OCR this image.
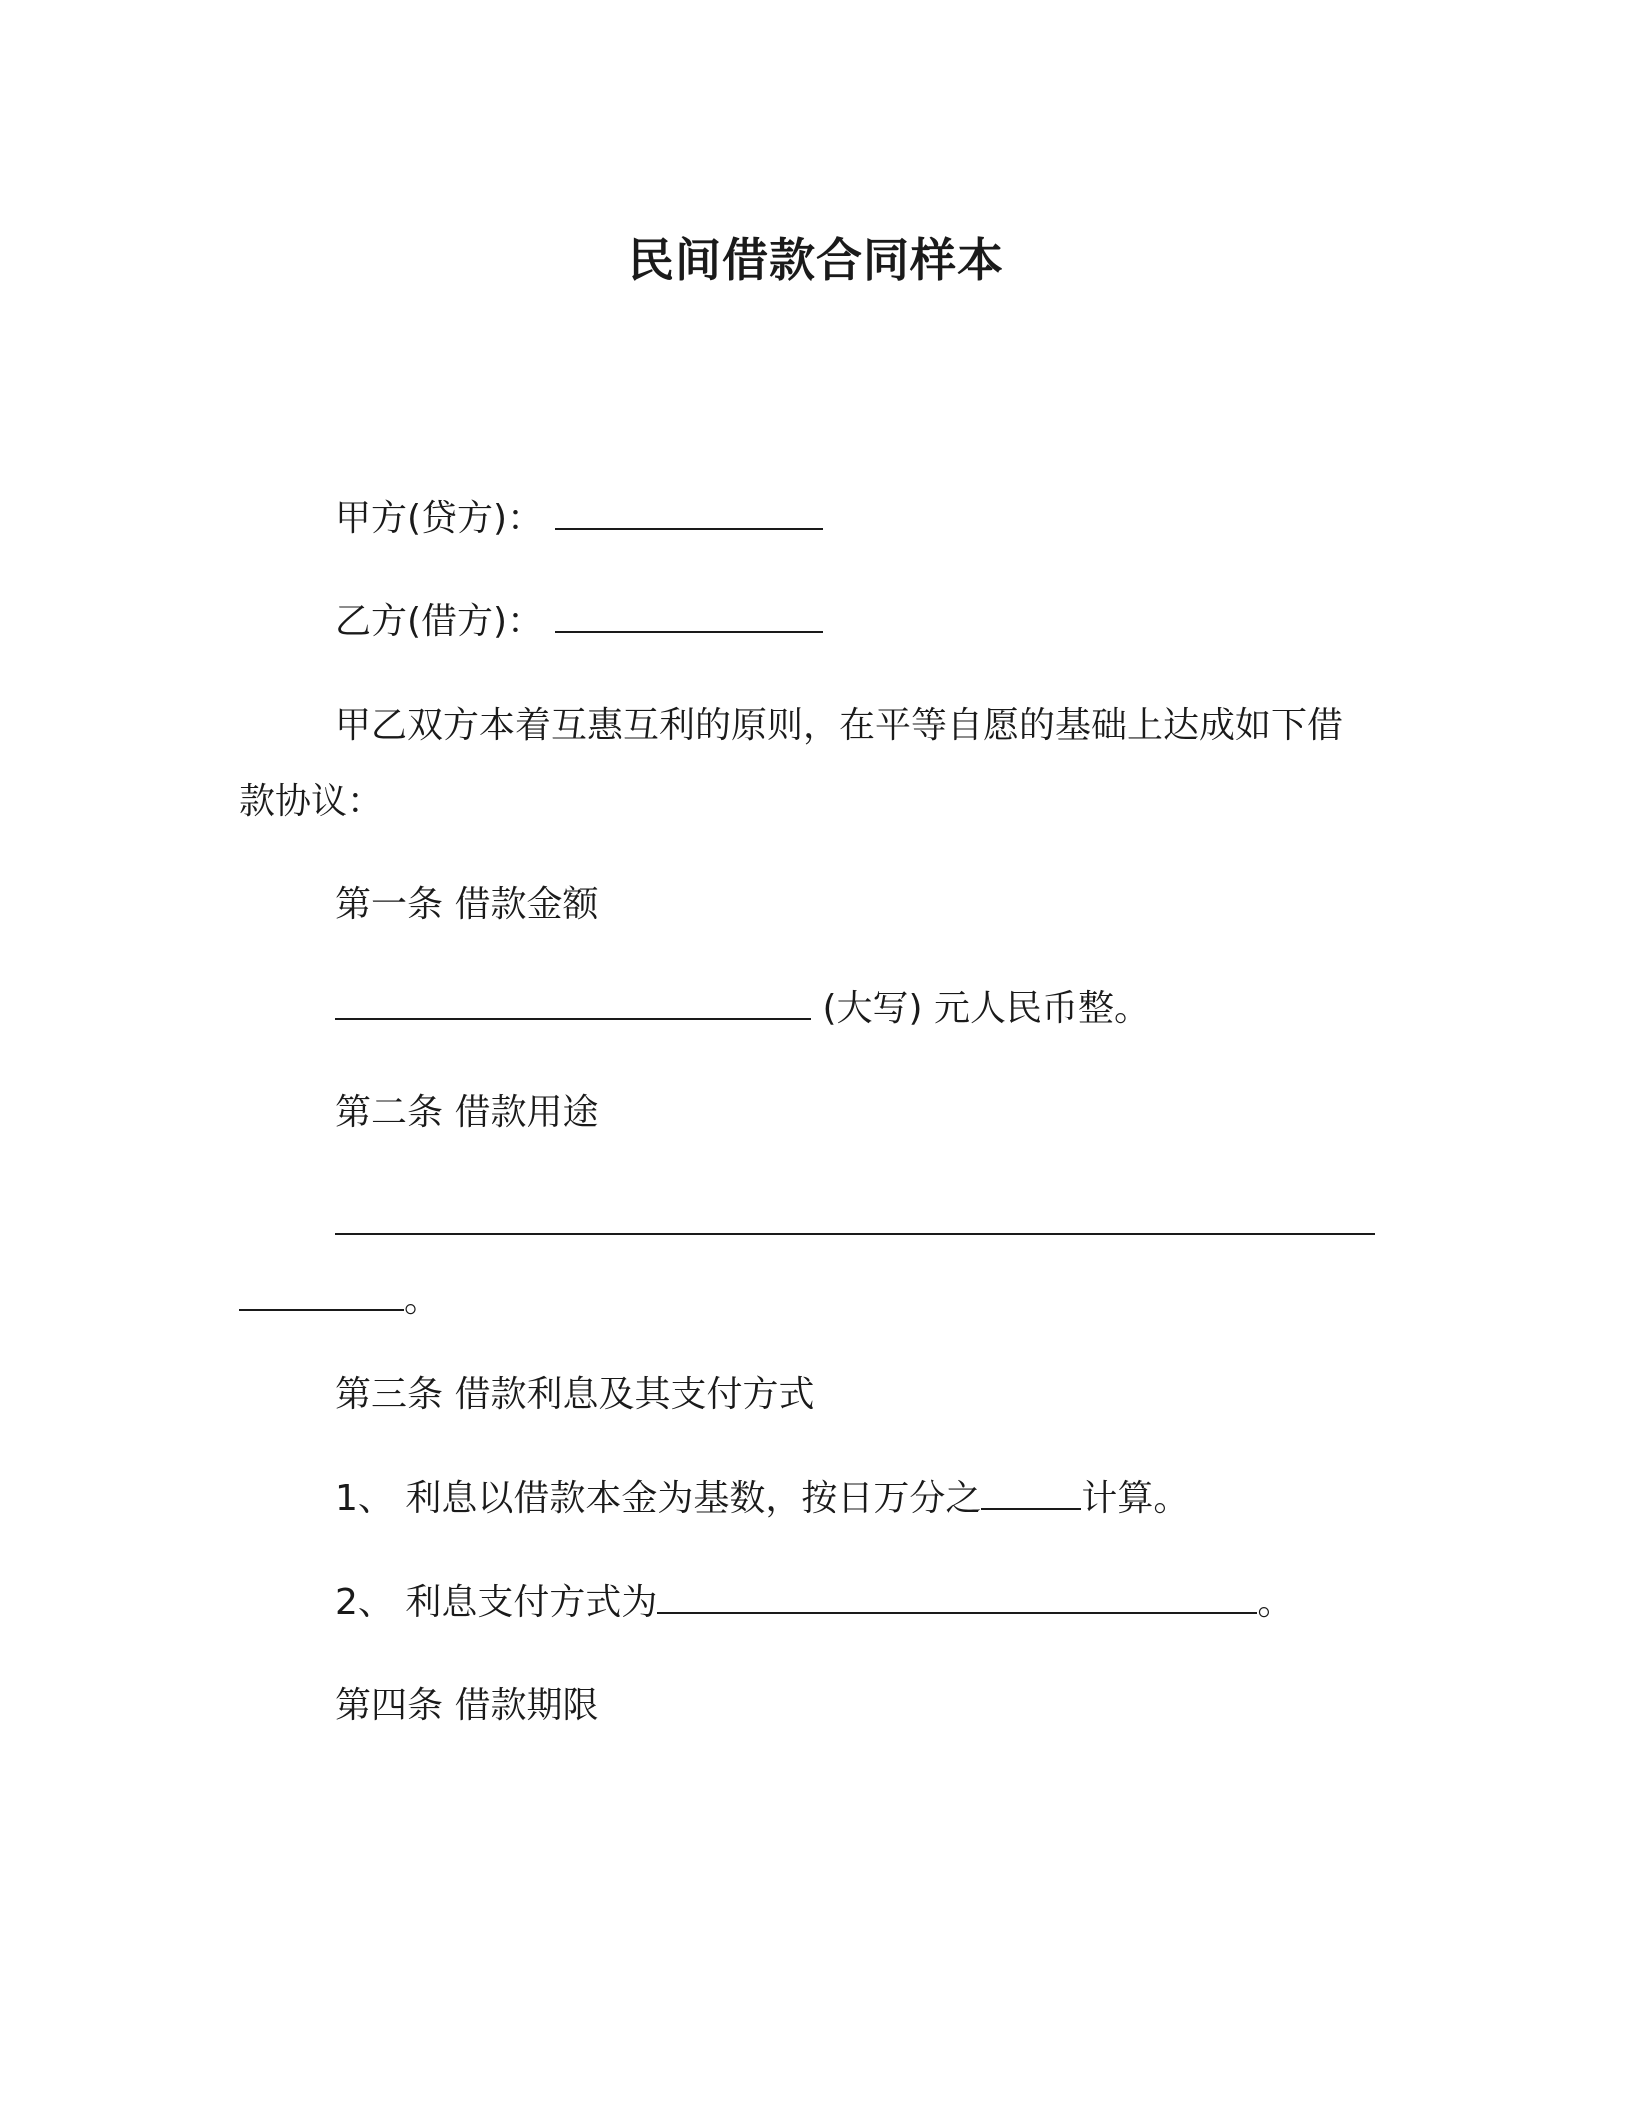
民间借款合同样本
甲方(贷方)：
乙方(借方)：
甲乙双方本着互惠互利的原则，在平等自愿的基础上达成如下借
款协议：
第一条 借款金额
(大写) 元人民币整。
第二条 借款用途
。
第三条 借款利息及其支付方式
1、 利息以借款本金为基数，按日万分之	计算。
2、 利息支付方式为	。
第四条 借款期限
